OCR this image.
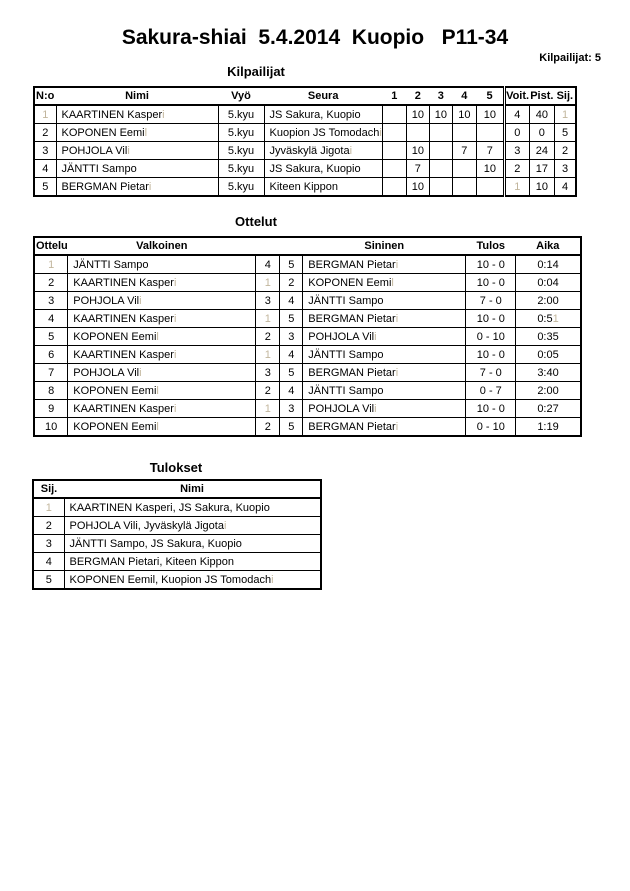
Sakura-shiai  5.4.2014  Kuopio   P11-34
Kilpailijat: 5
Kilpailijat
N:o	Nimi	Vyö	Seura	1	2	3	4	5	Voit.	Pist.	Sij.
1	KAARTINEN Kasperi	5.kyu	JS Sakura, Kuopio		10	10	10	10	4	40	1
2	KOPONEN Eemil	5.kyu	Kuopion JS Tomodachi						0	0	5
3	POHJOLA Vili	5.kyu	Jyväskylä Jigotai		10		7	7	3	24	2
4	JÄNTTI Sampo	5.kyu	JS Sakura, Kuopio		7			10	2	17	3
5	BERGMAN Pietari	5.kyu	Kiteen Kippon		10				1	10	4
Ottelut
Ottelu	Valkoinen			Sininen	Tulos	Aika
1	JÄNTTI Sampo	4	5	BERGMAN Pietari	10 - 0	0:14
2	KAARTINEN Kasperi	1	2	KOPONEN Eemil	10 - 0	0:04
3	POHJOLA Vili	3	4	JÄNTTI Sampo	7 - 0	2:00
4	KAARTINEN Kasperi	1	5	BERGMAN Pietari	10 - 0	0:51
5	KOPONEN Eemil	2	3	POHJOLA Vili	0 - 10	0:35
6	KAARTINEN Kasperi	1	4	JÄNTTI Sampo	10 - 0	0:05
7	POHJOLA Vili	3	5	BERGMAN Pietari	7 - 0	3:40
8	KOPONEN Eemil	2	4	JÄNTTI Sampo	0 - 7	2:00
9	KAARTINEN Kasperi	1	3	POHJOLA Vili	10 - 0	0:27
10	KOPONEN Eemil	2	5	BERGMAN Pietari	0 - 10	1:19
Tulokset
Sij.	Nimi
1	KAARTINEN Kasperi, JS Sakura, Kuopio
2	POHJOLA Vili, Jyväskylä Jigotai
3	JÄNTTI Sampo, JS Sakura, Kuopio
4	BERGMAN Pietari, Kiteen Kippon
5	KOPONEN Eemil, Kuopion JS Tomodachi
